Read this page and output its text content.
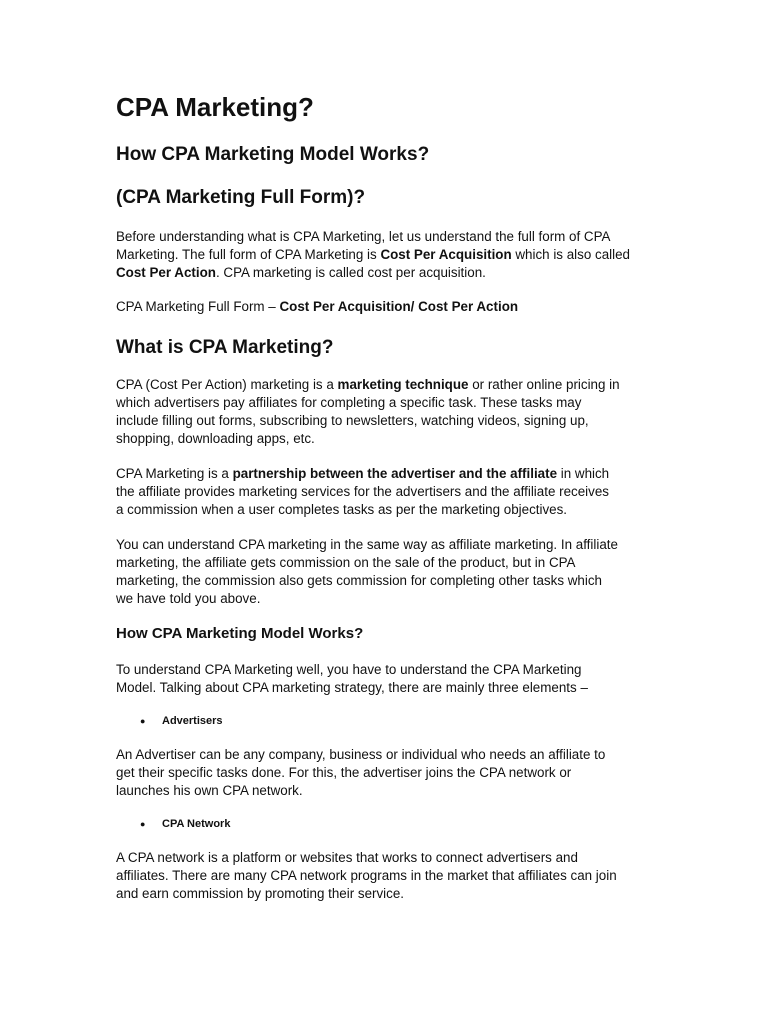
CPA Marketing?
How CPA Marketing Model Works?
(CPA Marketing Full Form)?

Before understanding what is CPA Marketing, let us understand the full form of CPA
Marketing. The full form of CPA Marketing is Cost Per Acquisition which is also called
Cost Per Action. CPA marketing is called cost per acquisition.

CPA Marketing Full Form – Cost Per Acquisition/ Cost Per Action

What is CPA Marketing?

CPA (Cost Per Action) marketing is a marketing technique or rather online pricing in
which advertisers pay affiliates for completing a specific task. These tasks may
include filling out forms, subscribing to newsletters, watching videos, signing up,
shopping, downloading apps, etc.

CPA Marketing is a partnership between the advertiser and the affiliate in which
the affiliate provides marketing services for the advertisers and the affiliate receives
a commission when a user completes tasks as per the marketing objectives.

You can understand CPA marketing in the same way as affiliate marketing. In affiliate
marketing, the affiliate gets commission on the sale of the product, but in CPA
marketing, the commission also gets commission for completing other tasks which
we have told you above.

How CPA Marketing Model Works?

To understand CPA Marketing well, you have to understand the CPA Marketing
Model. Talking about CPA marketing strategy, there are mainly three elements –

● Advertisers

An Advertiser can be any company, business or individual who needs an affiliate to
get their specific tasks done. For this, the advertiser joins the CPA network or
launches his own CPA network.

● CPA Network

A CPA network is a platform or websites that works to connect advertisers and
affiliates. There are many CPA network programs in the market that affiliates can join
and earn commission by promoting their service.
